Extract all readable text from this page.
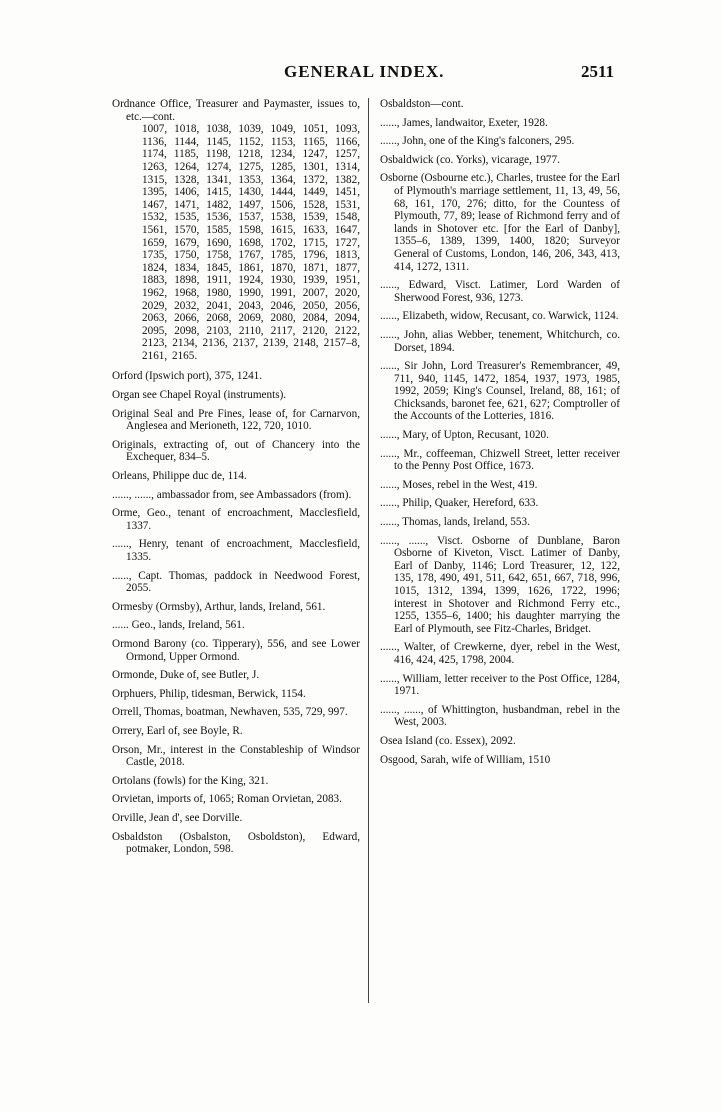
GENERAL INDEX.	2511
Ordnance Office, Treasurer and Paymaster, issues to, etc.—cont.
1007, 1018, 1038, 1039, 1049, 1051, 1093, 1136, 1144, 1145, 1152, 1153, 1165, 1166, 1174, 1185, 1198, 1218, 1234, 1247, 1257, 1263, 1264, 1274, 1275, 1285, 1301, 1314, 1315, 1328, 1341, 1353, 1364, 1372, 1382, 1395, 1406, 1415, 1430, 1444, 1449, 1451, 1467, 1471, 1482, 1497, 1506, 1528, 1531, 1532, 1535, 1536, 1537, 1538, 1539, 1548, 1561, 1570, 1585, 1598, 1615, 1633, 1647, 1659, 1679, 1690, 1698, 1702, 1715, 1727, 1735, 1750, 1758, 1767, 1785, 1796, 1813, 1824, 1834, 1845, 1861, 1870, 1871, 1877, 1883, 1898, 1911, 1924, 1930, 1939, 1951, 1962, 1968, 1980, 1990, 1991, 2007, 2020, 2029, 2032, 2041, 2043, 2046, 2050, 2056, 2063, 2066, 2068, 2069, 2080, 2084, 2094, 2095, 2098, 2103, 2110, 2117, 2120, 2122, 2123, 2134, 2136, 2137, 2139, 2148, 2157–8, 2161, 2165.
Orford (Ipswich port), 375, 1241.
Organ see Chapel Royal (instruments).
Original Seal and Pre Fines, lease of, for Carnarvon, Anglesea and Merioneth, 122, 720, 1010.
Originals, extracting of, out of Chancery into the Exchequer, 834–5.
Orleans, Philippe duc de, 114.
......, ......, ambassador from, see Ambassadors (from).
Orme, Geo., tenant of encroachment, Macclesfield, 1337.
......, Henry, tenant of encroachment, Macclesfield, 1335.
......, Capt. Thomas, paddock in Needwood Forest, 2055.
Ormesby (Ormsby), Arthur, lands, Ireland, 561.
...... Geo., lands, Ireland, 561.
Ormond Barony (co. Tipperary), 556, and see Lower Ormond, Upper Ormond.
Ormonde, Duke of, see Butler, J.
Orphuers, Philip, tidesman, Berwick, 1154.
Orrell, Thomas, boatman, Newhaven, 535, 729, 997.
Orrery, Earl of, see Boyle, R.
Orson, Mr., interest in the Constableship of Windsor Castle, 2018.
Ortolans (fowls) for the King, 321.
Orvietan, imports of, 1065; Roman Orvietan, 2083.
Orville, Jean d', see Dorville.
Osbaldston (Osbalston, Osboldston), Edward, potmaker, London, 598.
Osbaldston—cont.
......, James, landwaitor, Exeter, 1928.
......, John, one of the King's falconers, 295.
Osbaldwick (co. Yorks), vicarage, 1977.
Osborne (Osbourne etc.), Charles, trustee for the Earl of Plymouth's marriage settlement, 11, 13, 49, 56, 68, 161, 170, 276; ditto, for the Countess of Plymouth, 77, 89; lease of Richmond ferry and of lands in Shotover etc. [for the Earl of Danby], 1355–6, 1389, 1399, 1400, 1820; Surveyor General of Customs, London, 146, 206, 343, 413, 414, 1272, 1311.
......, Edward, Visct. Latimer, Lord Warden of Sherwood Forest, 936, 1273.
......, Elizabeth, widow, Recusant, co. Warwick, 1124.
......, John, alias Webber, tenement, Whitchurch, co. Dorset, 1894.
......, Sir John, Lord Treasurer's Remembrancer, 49, 711, 940, 1145, 1472, 1854, 1937, 1973, 1985, 1992, 2059; King's Counsel, Ireland, 88, 161; of Chicksands, baronet fee, 621, 627; Comptroller of the Accounts of the Lotteries, 1816.
......, Mary, of Upton, Recusant, 1020.
......, Mr., coffeeman, Chizwell Street, letter receiver to the Penny Post Office, 1673.
......, Moses, rebel in the West, 419.
......, Philip, Quaker, Hereford, 633.
......, Thomas, lands, Ireland, 553.
......, ......, Visct. Osborne of Dunblane, Baron Osborne of Kiveton, Visct. Latimer of Danby, Earl of Danby, 1146; Lord Treasurer, 12, 122, 135, 178, 490, 491, 511, 642, 651, 667, 718, 996, 1015, 1312, 1394, 1399, 1626, 1722, 1996; interest in Shotover and Richmond Ferry etc., 1255, 1355–6, 1400; his daughter marrying the Earl of Plymouth, see Fitz-Charles, Bridget.
......, Walter, of Crewkerne, dyer, rebel in the West, 416, 424, 425, 1798, 2004.
......, William, letter receiver to the Post Office, 1284, 1971.
......, ......, of Whittington, husbandman, rebel in the West, 2003.
Osea Island (co. Essex), 2092.
Osgood, Sarah, wife of William, 1510
